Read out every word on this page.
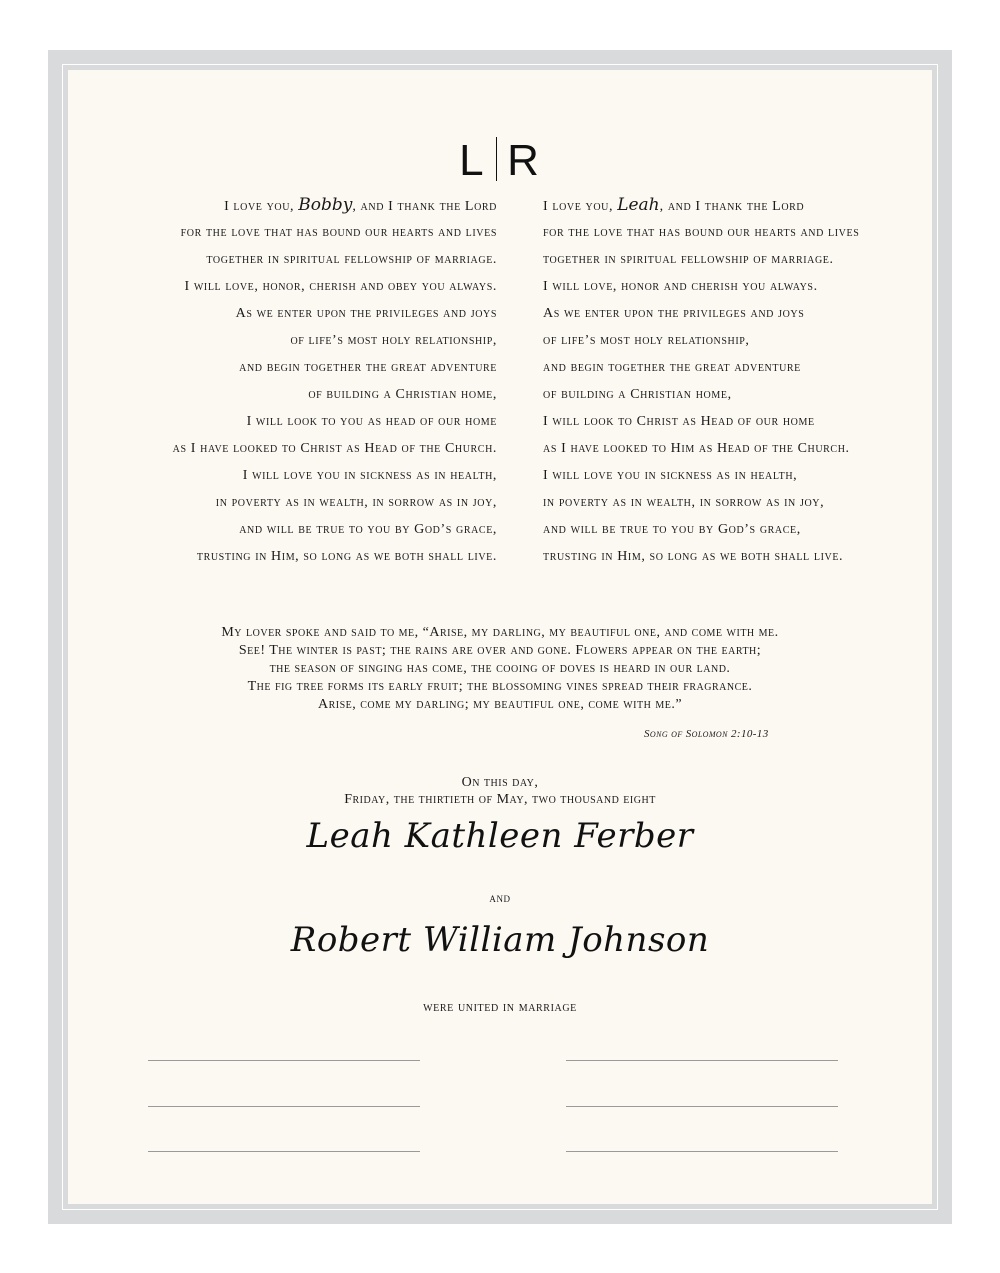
L R
I love you, Bobby, and I thank the Lord
for the love that has bound our hearts and lives
together in spiritual fellowship of marriage.
I will love, honor, cherish and obey you always.
As we enter upon the privileges and joys
of life’s most holy relationship,
and begin together the great adventure
of building a Christian home,
I will look to you as head of our home
as I have looked to Christ as Head of the Church.
I will love you in sickness as in health,
in poverty as in wealth, in sorrow as in joy,
and will be true to you by God’s grace,
trusting in Him, so long as we both shall live.
I love you, Leah, and I thank the Lord
for the love that has bound our hearts and lives
together in spiritual fellowship of marriage.
I will love, honor and cherish you always.
As we enter upon the privileges and joys
of life’s most holy relationship,
and begin together the great adventure
of building a Christian home,
I will look to Christ as Head of our home
as I have looked to Him as Head of the Church.
I will love you in sickness as in health,
in poverty as in wealth, in sorrow as in joy,
and will be true to you by God’s grace,
trusting in Him, so long as we both shall live.
My lover spoke and said to me, “Arise, my darling, my beautiful one, and come with me.
See! The winter is past; the rains are over and gone. Flowers appear on the earth;
the season of singing has come, the cooing of doves is heard in our land.
The fig tree forms its early fruit; the blossoming vines spread their fragrance.
Arise, come my darling; my beautiful one, come with me.”
Song of Solomon 2:10-13
On this day,
Friday, the thirtieth of May, two thousand eight
Leah Kathleen Ferber
and
Robert William Johnson
were united in marriage
